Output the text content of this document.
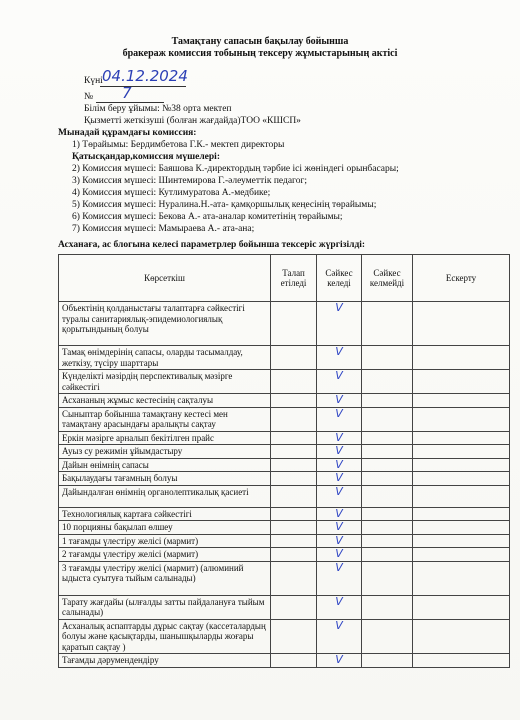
Тамақтану сапасын бақылау бойынша
бракераж комиссия тобының тексеру жұмыстарының актісі
Күні 04.12.2024
№ 7
Білім беру ұйымы: №38 орта мектеп
Қызметті жеткізуші (болған жағдайда)ТОО «КШСП»
Мынадай құрамдағы комиссия:
1) Төрайымы: Бердимбетова Г.К.- мектеп директоры
Қатысқандар,комиссия мүшелері:
2) Комиссия мүшесі: Баяшова К.-директордың тәрбие ісі жөніндегі орынбасары;
3) Комиссия мүшесі: Шинтемирова Г.-әлеуметтік педагог;
4) Комиссия мүшесі: Кутлимуратова А.-медбике;
5) Комиссия мүшесі: Нуралина.Н.-ата- қамқоршылық кеңесінің төрайымы;
6) Комиссия мүшесі: Бекова А.- ата-аналар комитетінің төрайымы;
7) Комиссия мүшесі: Мамыраева А.- ата-ана;
Асханаға, ас блогына келесі параметрлер бойынша тексеріс жүргізілді:
Көрсеткіш	Талап етіледі	Сәйкес келеді	Сәйкес келмейді	Ескерту
Объектінің қолданыстағы талаптарға сәйкестігі туралы санитариялық-эпидемиологиялық қорытындының болуы		V		
Тамақ өнімдерінің сапасы, оларды тасымалдау, жеткізу, түсіру шарттары		V		
Күнделікті мәзірдің перспективалық мәзірге сәйкестігі		V		
Асхананың жұмыс кестесінің сақталуы		V		
Сыныптар бойынша тамақтану кестесі мен тамақтану арасындағы аралықты сақтау		V		
Еркін мәзірге арналып бекітілген прайс		V		
Ауыз су режимін ұйымдастыру		V		
Дайын өнімнің сапасы		V		
Бақылаудағы тағамның болуы		V		
Дайындалған өнімнің органолептикалық қасиеті		V		
Технологиялық картаға сәйкестігі		V		
10 порцияны бақылап өлшеу		V		
1 тағамды үлестіру желісі (мармит)		V		
2 тағамды үлестіру желісі (мармит)		V		
3 тағамды үлестіру желісі (мармит) (алюминий ыдыста суытуға тыйым салынады)		V		
Тарату жағдайы (ылғалды затты пайдалануға тыйым салынады)		V		
Асханалық аспаптарды дұрыс сақтау (кассеталардың болуы және қасықтарды, шанышқыларды жоғары қаратып сақтау )		V		
Тағамды дәрумендендіру		V		
